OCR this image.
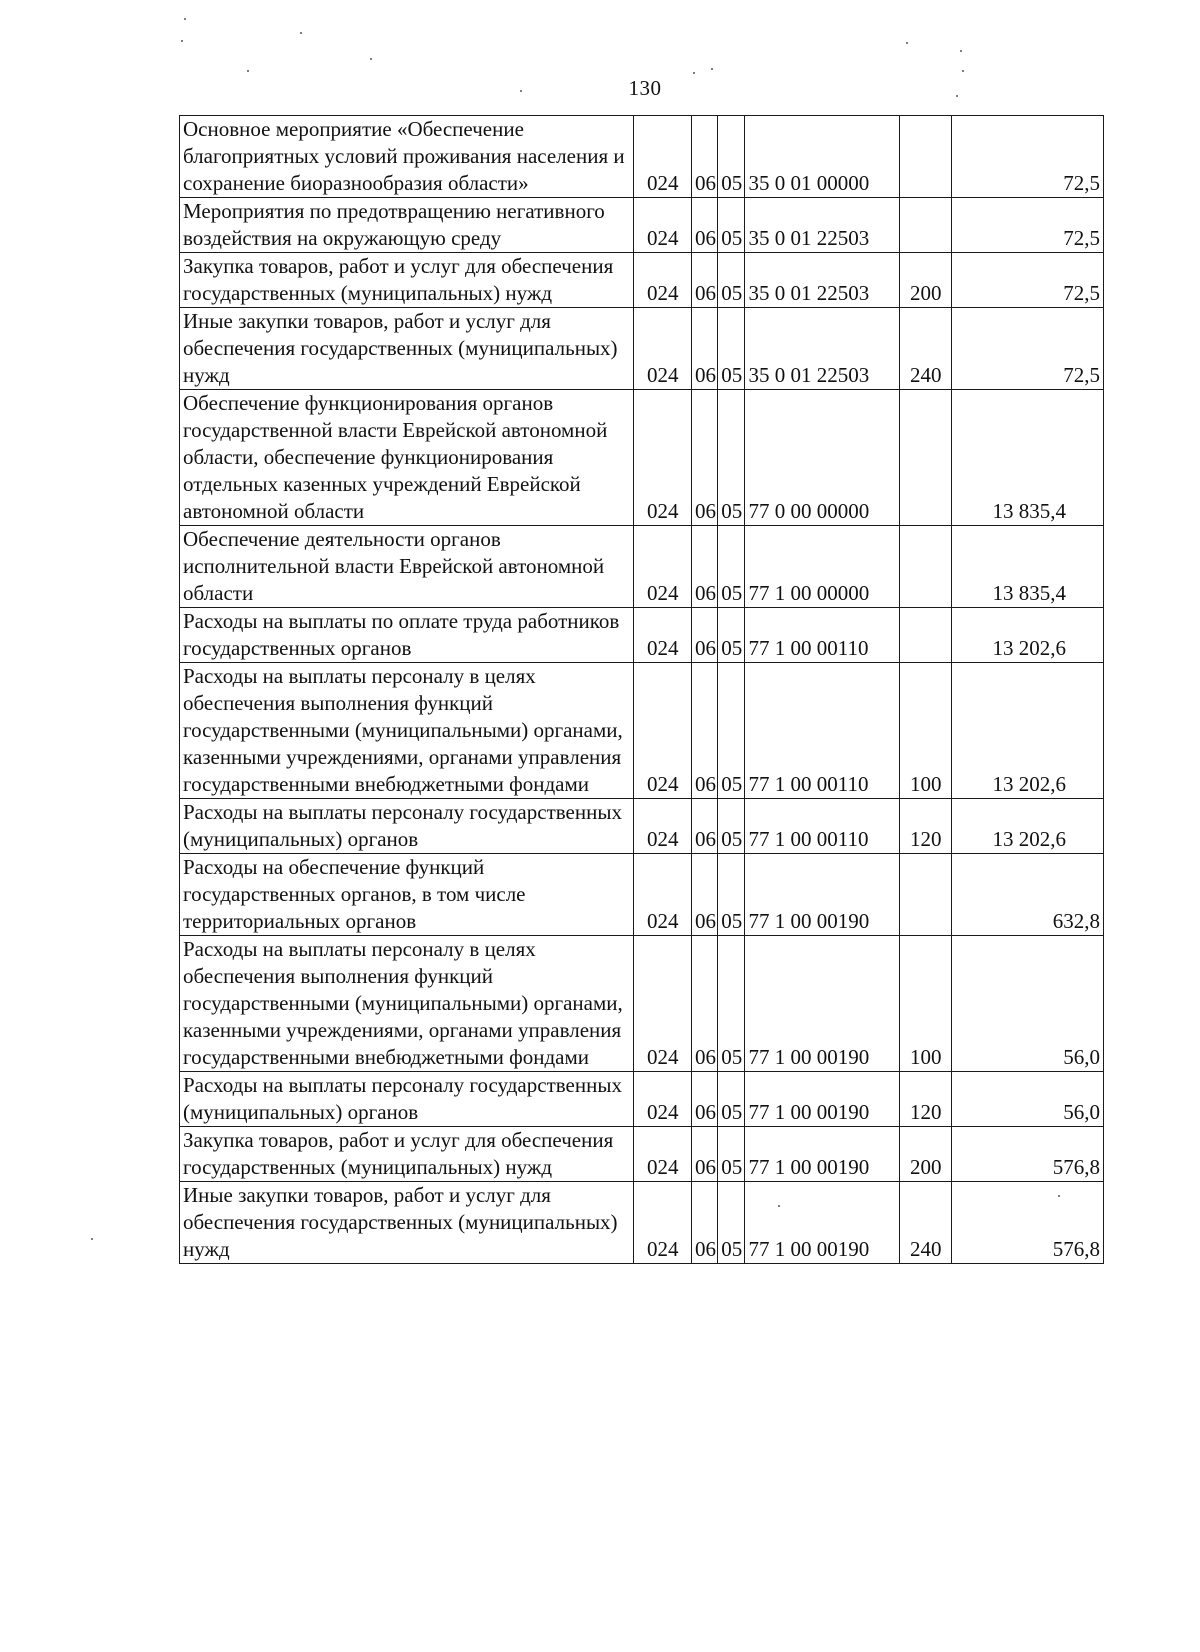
130
Основное мероприятие «Обеспечение благоприятных условий проживания населения и сохранение биоразнообразия области»	024	06	05	35 0 01 00000		72,5
Мероприятия по предотвращению негативного воздействия на окружающую среду	024	06	05	35 0 01 22503		72,5
Закупка товаров, работ и услуг для обеспечения государственных (муниципальных) нужд	024	06	05	35 0 01 22503	200	72,5
Иные закупки товаров, работ и услуг для обеспечения государственных (муниципальных) нужд	024	06	05	35 0 01 22503	240	72,5
Обеспечение функционирования органов государственной власти Еврейской автономной области, обеспечение функционирования отдельных казенных учреждений Еврейской автономной области	024	06	05	77 0 00 00000		13 835,4
Обеспечение деятельности органов исполнительной власти Еврейской автономной области	024	06	05	77 1 00 00000		13 835,4
Расходы на выплаты по оплате труда работников государственных органов	024	06	05	77 1 00 00110		13 202,6
Расходы на выплаты персоналу в целях обеспечения выполнения функций государственными (муниципальными) органами, казенными учреждениями, органами управления государственными внебюджетными фондами	024	06	05	77 1 00 00110	100	13 202,6
Расходы на выплаты персоналу государственных (муниципальных) органов	024	06	05	77 1 00 00110	120	13 202,6
Расходы на обеспечение функций государственных органов, в том числе территориальных органов	024	06	05	77 1 00 00190		632,8
Расходы на выплаты персоналу в целях обеспечения выполнения функций государственными (муниципальными) органами, казенными учреждениями, органами управления государственными внебюджетными фондами	024	06	05	77 1 00 00190	100	56,0
Расходы на выплаты персоналу государственных (муниципальных) органов	024	06	05	77 1 00 00190	120	56,0
Закупка товаров, работ и услуг для обеспечения государственных (муниципальных) нужд	024	06	05	77 1 00 00190	200	576,8
Иные закупки товаров, работ и услуг для обеспечения государственных (муниципальных) нужд	024	06	05	77 1 00 00190	240	576,8
